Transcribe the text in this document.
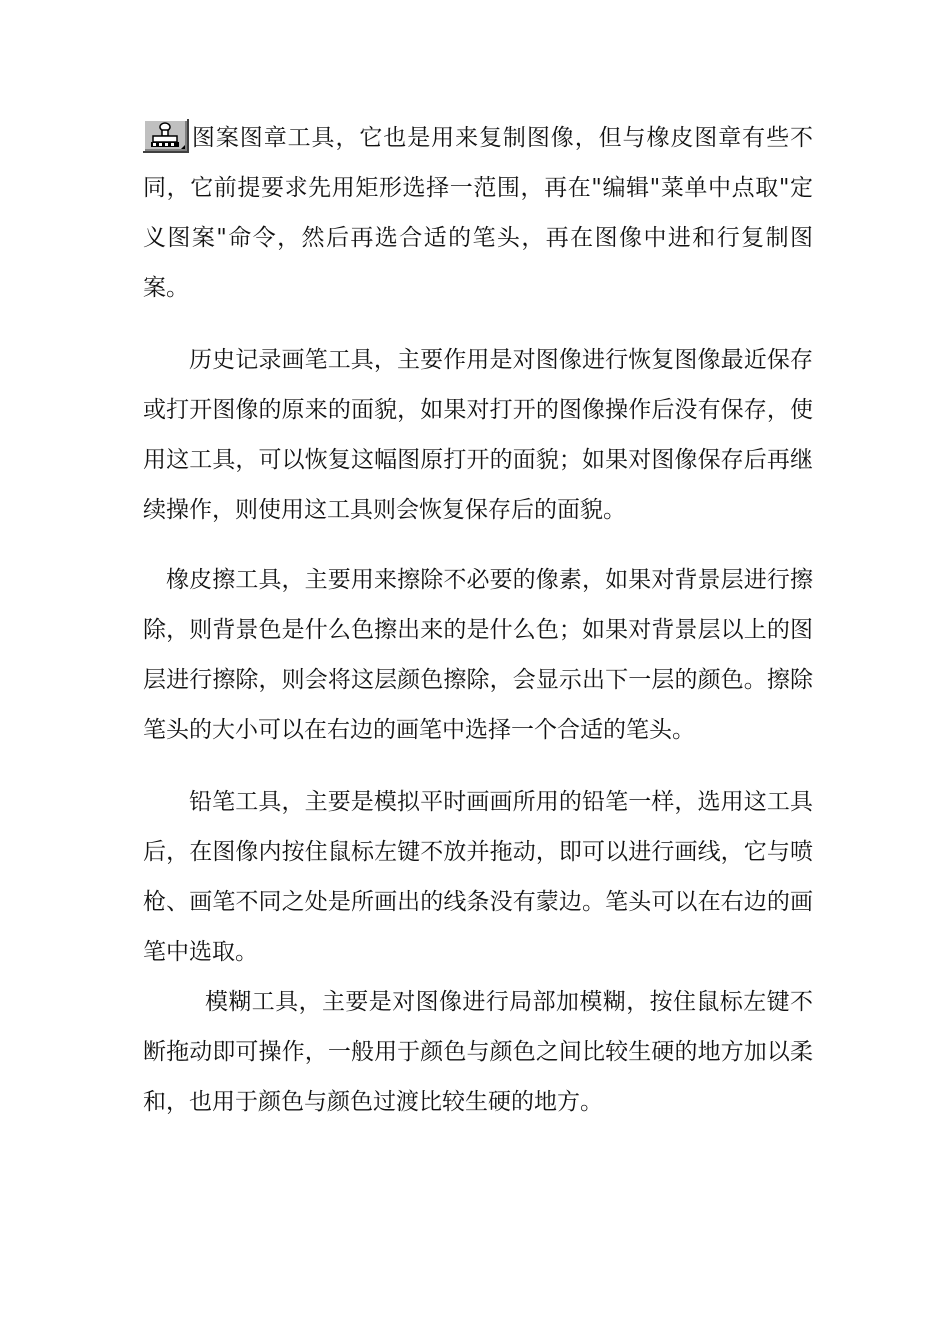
图案图章工具，它也是用来复制图像，但与橡皮图章有些不同，它前提要求先用矩形选择一范围，再在"编辑"菜单中点取"定义图案"命令，然后再选合适的笔头，再在图像中进和行复制图案。

历史记录画笔工具，主要作用是对图像进行恢复图像最近保存或打开图像的原来的面貌，如果对打开的图像操作后没有保存，使用这工具，可以恢复这幅图原打开的面貌；如果对图像保存后再继续操作，则使用这工具则会恢复保存后的面貌。

橡皮擦工具，主要用来擦除不必要的像素，如果对背景层进行擦除，则背景色是什么色擦出来的是什么色；如果对背景层以上的图层进行擦除，则会将这层颜色擦除，会显示出下一层的颜色。擦除笔头的大小可以在右边的画笔中选择一个合适的笔头。

铅笔工具，主要是模拟平时画画所用的铅笔一样，选用这工具后，在图像内按住鼠标左键不放并拖动，即可以进行画线，它与喷枪、画笔不同之处是所画出的线条没有蒙边。笔头可以在右边的画笔中选取。

模糊工具，主要是对图像进行局部加模糊，按住鼠标左键不断拖动即可操作，一般用于颜色与颜色之间比较生硬的地方加以柔和，也用于颜色与颜色过渡比较生硬的地方。
